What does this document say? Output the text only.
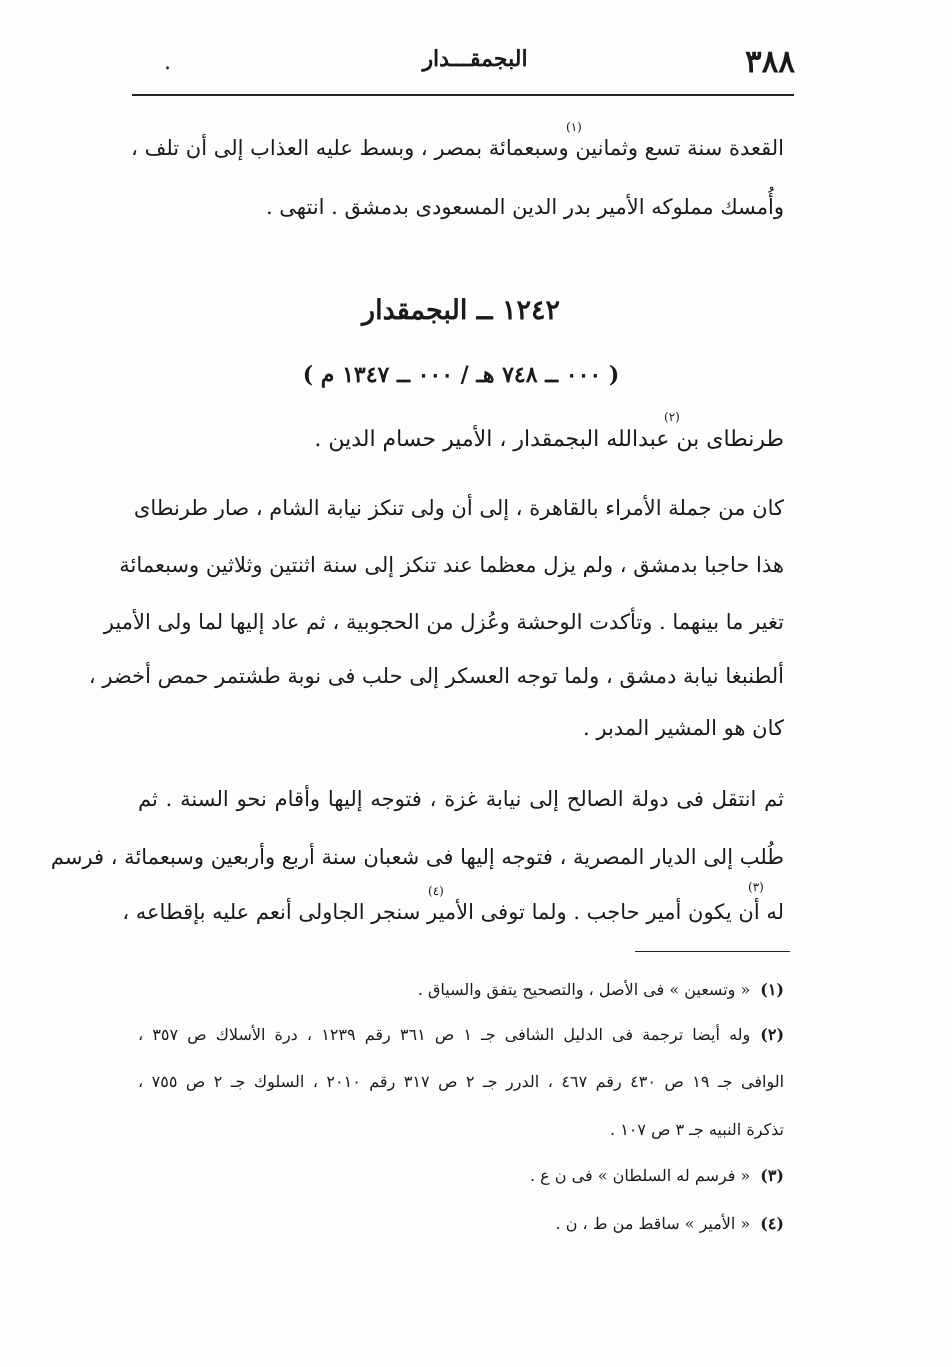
٣٨٨
البجمقـــدار
.
القعدة سنة تسع وثمانين وسبعمائة بمصر ، وبسط عليه العذاب إلى أن تلف ،
وأُمسك مملوكه الأمير بدر الدين المسعودى بدمشق . انتهى .
١٢٤٢ ــ البجمقدار
( ٠٠٠ ــ ٧٤٨ هـ / ٠٠٠ ــ ١٣٤٧ م )
طرنطاى بن عبدالله البجمقدار ، الأمير حسام الدين .
كان من جملة الأمراء بالقاهرة ، إلى أن ولى تنكز نيابة الشام ، صار طرنطاى
هذا حاجبا بدمشق ، ولم يزل معظما عند تنكز إلى سنة اثنتين وثلاثين وسبعمائة
تغير ما بينهما . وتأكدت الوحشة وعُزل من الحجوبية ، ثم عاد إليها لما ولى الأمير
ألطنبغا نيابة دمشق ، ولما توجه العسكر إلى حلب فى نوبة طشتمر حمص أخضر ،
كان هو المشير المدبر .
ثم انتقل فى دولة الصالح إلى نيابة غزة ، فتوجه إليها وأقام نحو السنة . ثم
طُلب إلى الديار المصرية ، فتوجه إليها فى شعبان سنة أربع وأربعين وسبعمائة ، فرسم
له أن يكون أمير حاجب . ولما توفى الأمير سنجر الجاولى أنعم عليه بإقطاعه ،
(١)« وتسعين » فى الأصل ، والتصحيح يتفق والسياق .
(٢)وله أيضا ترجمة فى الدليل الشافى جـ ١ ص ٣٦١ رقم ١٢٣٩ ، درة الأسلاك ص ٣٥٧ ،
الوافى جـ ١٩ ص ٤٣٠ رقم ٤٦٧ ، الدرر جـ ٢ ص ٣١٧ رقم ٢٠١٠ ، السلوك جـ ٢ ص ٧٥٥ ،
تذكرة النبيه جـ ٣ ص ١٠٧ .
(٣)« فرسم له السلطان » فى ن ع .
(٤)« الأمير » ساقط من ط ، ن .
(١)
(٢)
(٣)
(٤)
